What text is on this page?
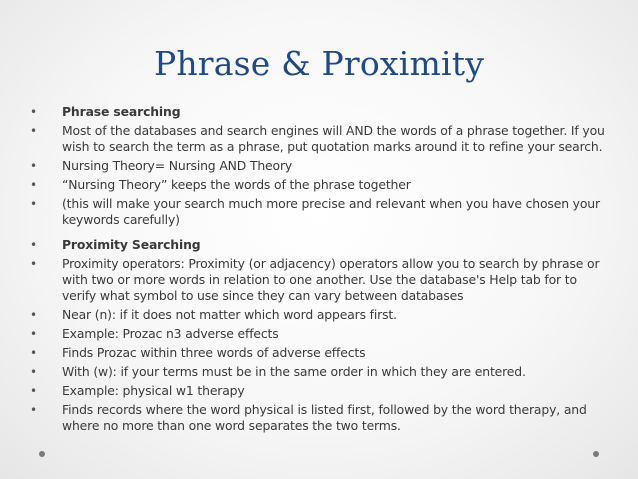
Phrase & Proximity
• Phrase searching
• Most of the databases and search engines will AND the words of a phrase together. If you wish to search the term as a phrase, put quotation marks around it to refine your search.
• Nursing Theory= Nursing AND Theory
• “Nursing Theory” keeps the words of the phrase together
• (this will make your search much more precise and relevant when you have chosen your keywords carefully)
• Proximity Searching
• Proximity operators: Proximity (or adjacency) operators allow you to search by phrase or with two or more words in relation to one another. Use the database's Help tab for to verify what symbol to use since they can vary between databases
• Near (n): if it does not matter which word appears first.
• Example: Prozac n3 adverse effects
• Finds Prozac within three words of adverse effects
• With (w): if your terms must be in the same order in which they are entered.
• Example: physical w1 therapy
• Finds records where the word physical is listed first, followed by the word therapy, and where no more than one word separates the two terms.
